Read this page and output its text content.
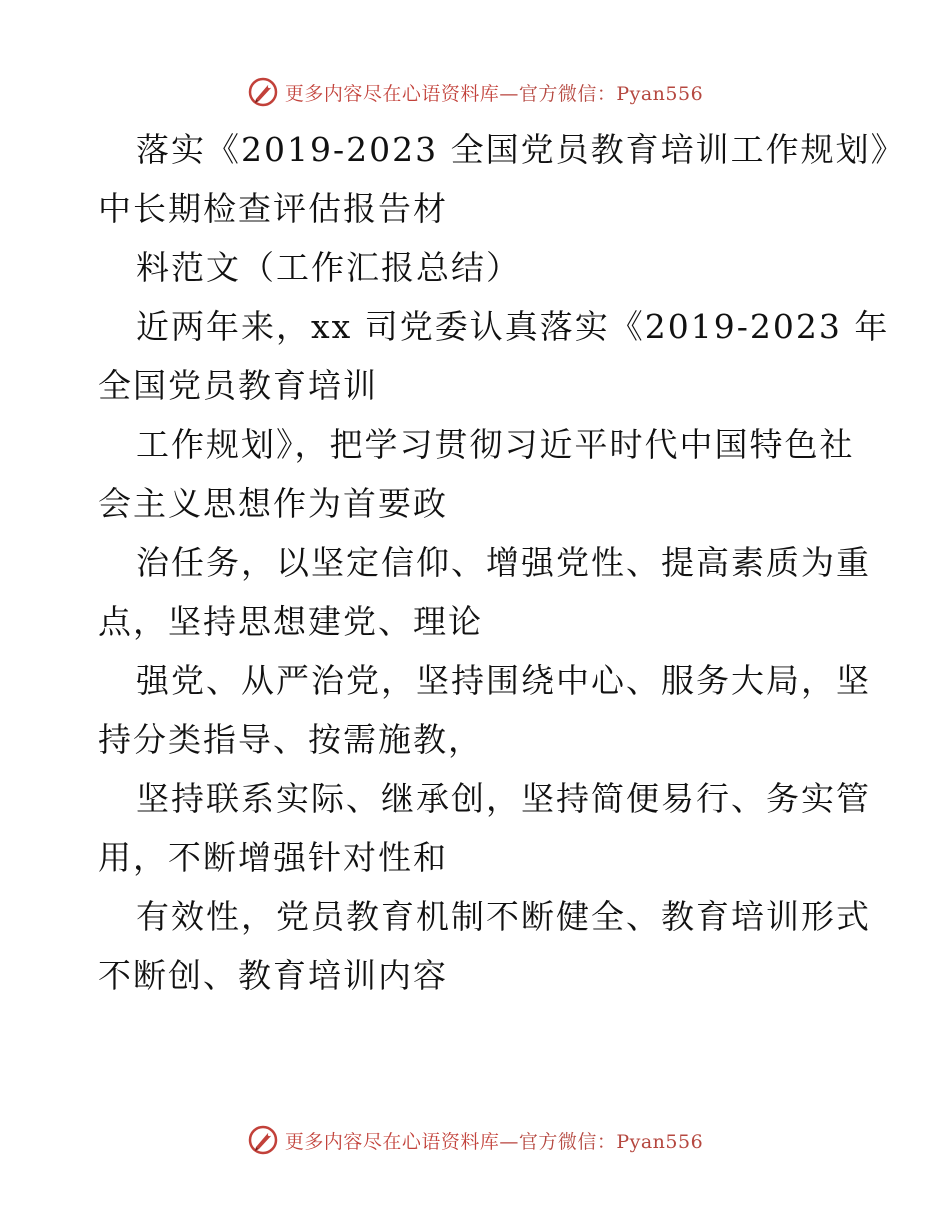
更多内容尽在心语资料库—官方微信：Pyan556
落实《2019-2023 全国党员教育培训工作规划》
中长期检查评估报告材
料范文（工作汇报总结）
近两年来，xx 司党委认真落实《2019-2023 年
全国党员教育培训
工作规划》，把学习贯彻习近平时代中国特色社
会主义思想作为首要政
治任务，以坚定信仰、增强党性、提高素质为重
点，坚持思想建党、理论
强党、从严治党，坚持围绕中心、服务大局，坚
持分类指导、按需施教，
坚持联系实际、继承创，坚持简便易行、务实管
用，不断增强针对性和
有效性，党员教育机制不断健全、教育培训形式
不断创、教育培训内容
更多内容尽在心语资料库—官方微信：Pyan556
